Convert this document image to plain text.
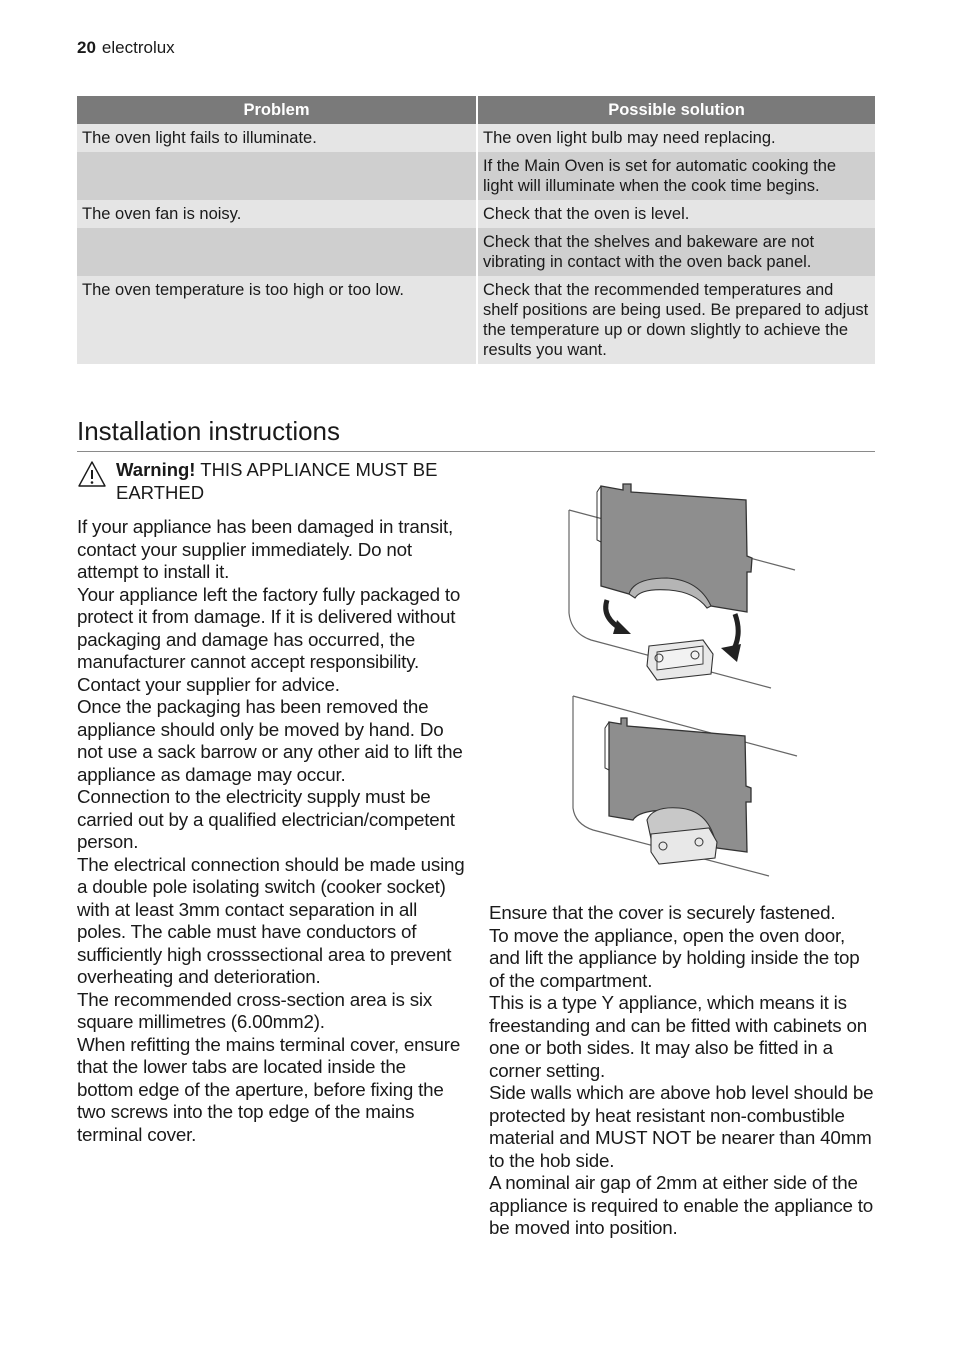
20 electrolux
Problem	Possible solution
The oven light fails to illuminate.	The oven light bulb may need replacing.
	If the Main Oven is set for automatic cooking the light will illuminate when the cook time begins.
The oven fan is noisy.	Check that the oven is level.
	Check that the shelves and bakeware are not vibrating in contact with the oven back panel.
The oven temperature is too high or too low.	Check that the recommended temperatures and shelf positions are being used. Be prepared to adjust the temperature up or down slightly to achieve the results you want.
Installation instructions
Warning! THIS APPLIANCE MUST BE EARTHED

If your appliance has been damaged in transit, contact your supplier immediately. Do not attempt to install it.

Your appliance left the factory fully packaged to protect it from damage. If it is delivered without packaging and damage has occurred, the manufacturer cannot accept responsibility. Contact your supplier for advice.

Once the packaging has been removed the appliance should only be moved by hand. Do not use a sack barrow or any other aid to lift the appliance as damage may occur.

Connection to the electricity supply must be carried out by a qualified electrician/competent person.

The electrical connection should be made using a double pole isolating switch (cooker socket) with at least 3mm contact separation in all poles. The cable must have conductors of sufficiently high crosssectional area to prevent overheating and deterioration.

The recommended cross-section area is six square millimetres (6.00mm2).

When refitting the mains terminal cover, ensure that the lower tabs are located inside the bottom edge of the aperture, before fixing the two screws into the top edge of the mains terminal cover.

Ensure that the cover is securely fastened.

To move the appliance, open the oven door, and lift the appliance by holding inside the top of the compartment.

This is a type Y appliance, which means it is freestanding and can be fitted with cabinets on one or both sides. It may also be fitted in a corner setting.

Side walls which are above hob level should be protected by heat resistant non-combustible material and MUST NOT be nearer than 40mm to the hob side.

A nominal air gap of 2mm at either side of the appliance is required to enable the appliance to be moved into position.
